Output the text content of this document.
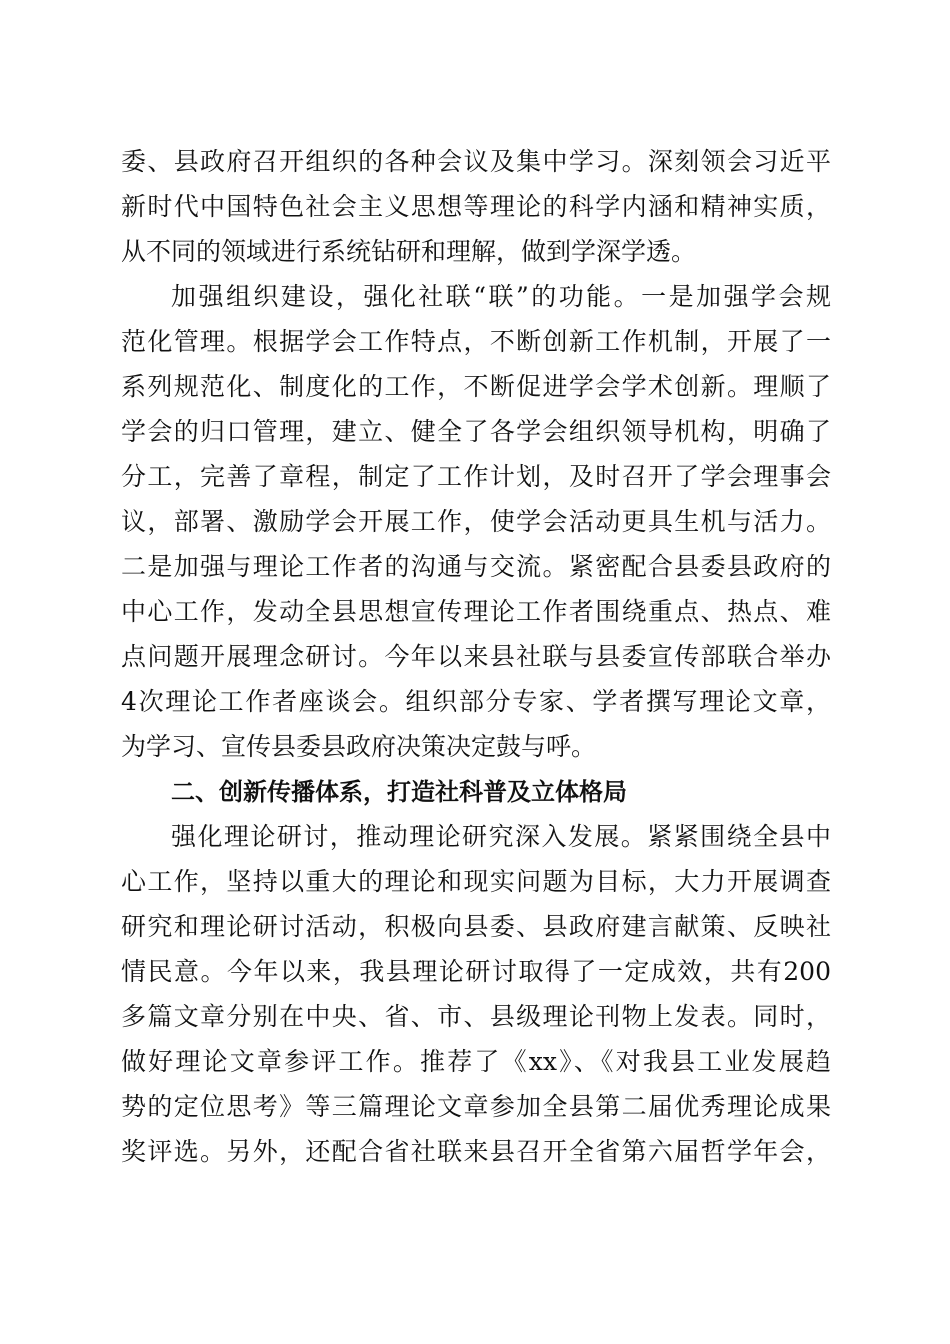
委、县政府召开组织的各种会议及集中学习。深刻领会习近平
新时代中国特色社会主义思想等理论的科学内涵和精神实质，
从不同的领域进行系统钻研和理解，做到学深学透。
加强组织建设，强化社联“联”的功能。一是加强学会规
范化管理。根据学会工作特点，不断创新工作机制，开展了一
系列规范化、制度化的工作，不断促进学会学术创新。理顺了
学会的归口管理，建立、健全了各学会组织领导机构，明确了
分工，完善了章程，制定了工作计划，及时召开了学会理事会
议，部署、激励学会开展工作，使学会活动更具生机与活力。
二是加强与理论工作者的沟通与交流。紧密配合县委县政府的
中心工作，发动全县思想宣传理论工作者围绕重点、热点、难
点问题开展理念研讨。今年以来县社联与县委宣传部联合举办
4次理论工作者座谈会。组织部分专家、学者撰写理论文章，
为学习、宣传县委县政府决策决定鼓与呼。
二、创新传播体系，打造社科普及立体格局
强化理论研讨，推动理论研究深入发展。紧紧围绕全县中
心工作，坚持以重大的理论和现实问题为目标，大力开展调查
研究和理论研讨活动，积极向县委、县政府建言献策、反映社
情民意。今年以来，我县理论研讨取得了一定成效，共有200
多篇文章分别在中央、省、市、县级理论刊物上发表。同时，
做好理论文章参评工作。推荐了《xx》、《对我县工业发展趋
势的定位思考》等三篇理论文章参加全县第二届优秀理论成果
奖评选。另外，还配合省社联来县召开全省第六届哲学年会，
